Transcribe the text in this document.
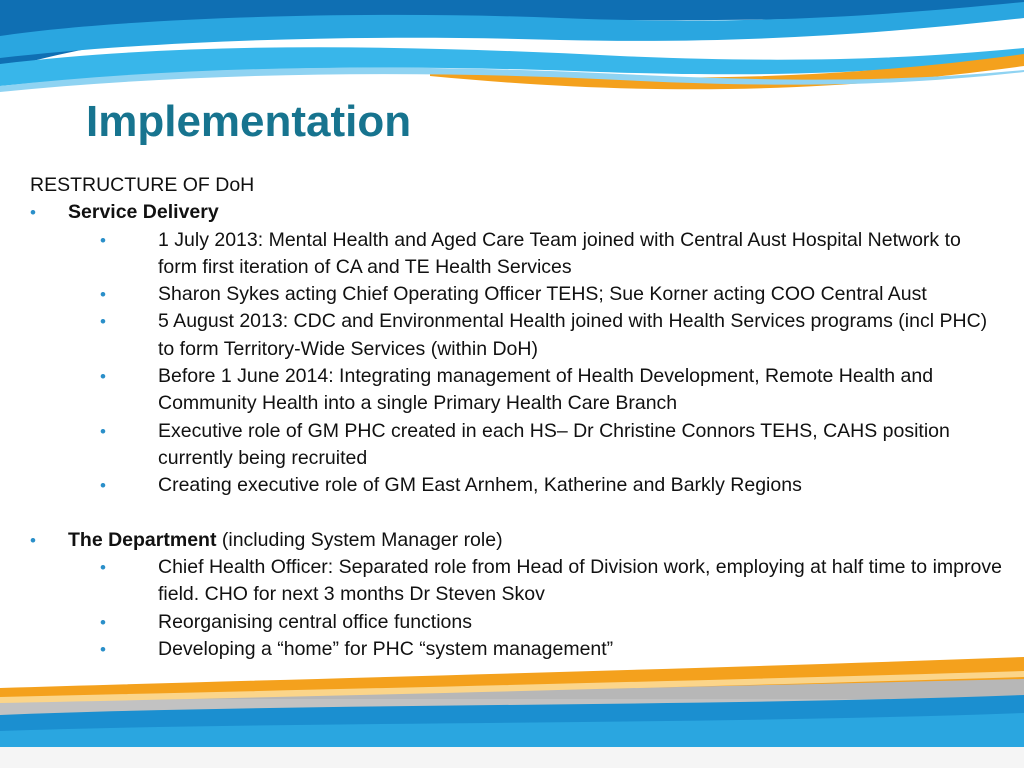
Implementation

RESTRUCTURE OF DoH

• Service Delivery
•	1 July 2013: Mental Health and Aged Care Team joined with Central Aust Hospital Network to form first iteration of CA and TE Health Services
•	Sharon Sykes acting Chief Operating Officer TEHS; Sue Korner acting COO Central Aust
•	5 August 2013: CDC and Environmental Health joined with Health Services programs (incl PHC) to form Territory-Wide Services (within DoH)
•	Before 1 June 2014: Integrating management of Health Development, Remote Health and Community Health into a single Primary Health Care Branch
•	Executive role of GM PHC created in each HS– Dr Christine Connors TEHS, CAHS position currently being recruited
•	Creating executive role of GM East Arnhem, Katherine and Barkly Regions
• The Department (including System Manager role)
•	Chief Health Officer: Separated role from Head of Division work, employing at half time to improve field. CHO for next 3 months Dr Steven Skov
•	Reorganising central office functions
•	Developing a “home” for PHC “system management”
